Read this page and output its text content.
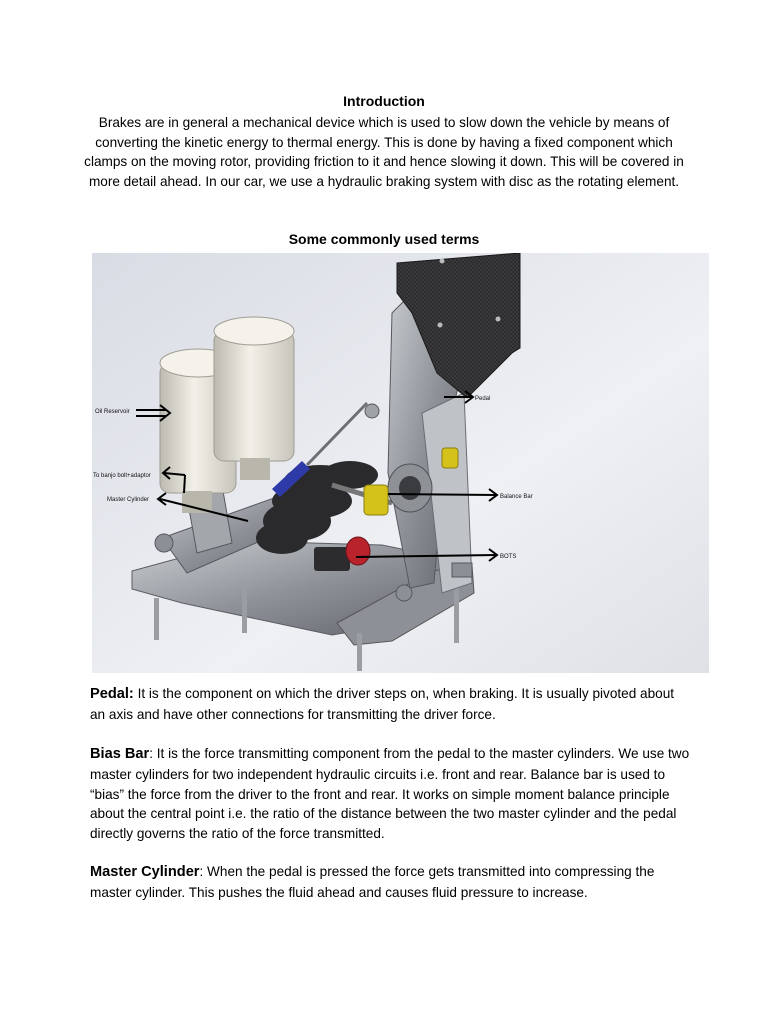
Introduction
Brakes are in general a mechanical device which is used to slow down the vehicle by means of converting the kinetic energy to thermal energy. This is done by having a fixed component which clamps on the moving rotor, providing friction to it and hence slowing it down. This will be covered in more detail ahead. In our car, we use a hydraulic braking system with disc as the rotating element.
Some commonly used terms
Oil Reservoir
To banjo bolt+adaptor
Master Cylinder
Pedal
Balance Bar
BOTS
Pedal: It is the component on which the driver steps on, when braking. It is usually pivoted about an axis and have other connections for transmitting the driver force.
Bias Bar: It is the force transmitting component from the pedal to the master cylinders. We use two master cylinders for two independent hydraulic circuits i.e. front and rear. Balance bar is used to “bias” the force from the driver to the front and rear. It works on simple moment balance principle about the central point i.e. the ratio of the distance between the two master cylinder and the pedal directly governs the ratio of the force transmitted.
Master Cylinder: When the pedal is pressed the force gets transmitted into compressing the master cylinder. This pushes the fluid ahead and causes fluid pressure to increase.
